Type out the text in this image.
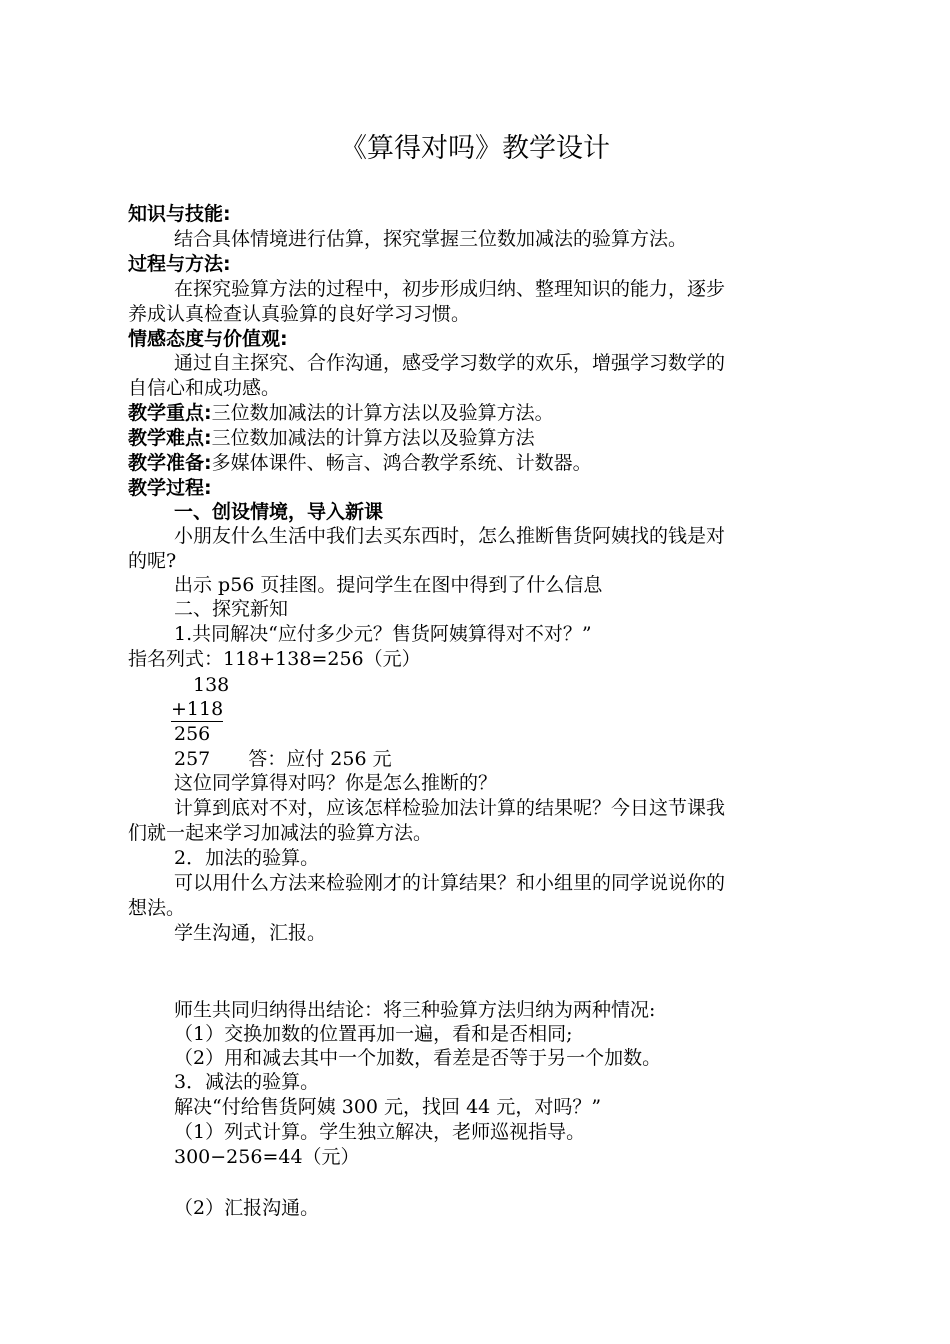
《算得对吗》教学设计
知识与技能:
结合具体情境进行估算，探究掌握三位数加减法的验算方法。
过程与方法:
在探究验算方法的过程中，初步形成归纳、整理知识的能力，逐步
养成认真检查认真验算的良好学习习惯。
情感态度与价值观:
通过自主探究、合作沟通，感受学习数学的欢乐，增强学习数学的
自信心和成功感。
教学重点:三位数加减法的计算方法以及验算方法。
教学难点:三位数加减法的计算方法以及验算方法
教学准备:多媒体课件、畅言、鸿合教学系统、计数器。
教学过程:
一、创设情境，导入新课
小朋友什么生活中我们去买东西时，怎么推断售货阿姨找的钱是对
的呢?
出示 p56 页挂图。提问学生在图中得到了什么信息
二、探究新知
1.共同解决“应付多少元？售货阿姨算得对不对？”
指名列式：118+138=256（元）
138
+118
256
257 答：应付 256 元
这位同学算得对吗？你是怎么推断的？
计算到底对不对，应该怎样检验加法计算的结果呢？今日这节课我
们就一起来学习加减法的验算方法。
2．加法的验算。
可以用什么方法来检验刚才的计算结果？和小组里的同学说说你的
想法。
学生沟通，汇报。
师生共同归纳得出结论：将三种验算方法归纳为两种情况:
（1）交换加数的位置再加一遍，看和是否相同;
（2）用和减去其中一个加数，看差是否等于另一个加数。
3．减法的验算。
解决“付给售货阿姨 300 元，找回 44 元，对吗？”
（1）列式计算。学生独立解决，老师巡视指导。
300−256=44（元）
（2）汇报沟通。
